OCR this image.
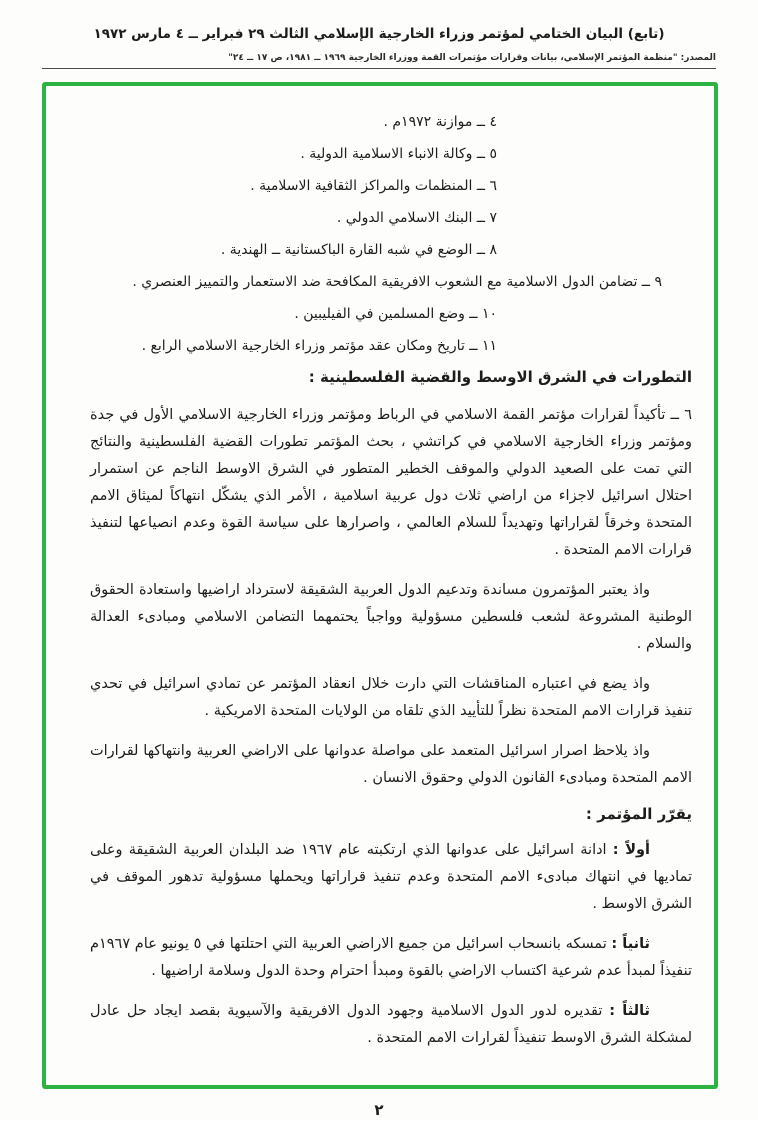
(تابع) البيان الختامي لمؤتمر وزراء الخارجية الإسلامي الثالث ٢٩ فبراير ــ ٤ مارس ١٩٧٢
المصدر: "منظمة المؤتمر الإسلامي، بيانات وقرارات مؤتمرات القمة ووزراء الخارجية ١٩٦٩ ــ ١٩٨١، ص ١٧ ــ ٢٤"
٤ ــ موازنة ١٩٧٢م .
٥ ــ وكالة الانباء الاسلامية الدولية .
٦ ــ المنظمات والمراكز الثقافية الاسلامية .
٧ ــ البنك الاسلامي الدولي .
٨ ــ الوضع في شبه القارة الباكستانية ــ الهندية .
٩ ــ تضامن الدول الاسلامية مع الشعوب الافريقية المكافحة ضد الاستعمار والتمييز العنصري .
١٠ ــ وضع المسلمين في الفيليبين .
١١ ــ تاريخ ومكان عقد مؤتمر وزراء الخارجية الاسلامي الرابع .
التطورات في الشرق الاوسط والقضية الفلسطينية :

٦ ــ تأكيداً لقرارات مؤتمر القمة الاسلامي في الرباط ومؤتمر وزراء الخارجية الاسلامي الأول في جدة ومؤتمر وزراء الخارجية الاسلامي في كراتشي ، بحث المؤتمر تطورات القضية الفلسطينية والنتائج التي تمت على الصعيد الدولي والموقف الخطير المتطور في الشرق الاوسط الناجم عن استمرار احتلال اسرائيل لاجزاء من اراضي ثلاث دول عربية اسلامية ، الأمر الذي يشكّل انتهاكاً لميثاق الامم المتحدة وخرقاً لقراراتها وتهديداً للسلام العالمي ، واصرارها على سياسة القوة وعدم انصياعها لتنفيذ قرارات الامم المتحدة .

واذ يعتبر المؤتمرون مساندة وتدعيم الدول العربية الشقيقة لاسترداد اراضيها واستعادة الحقوق الوطنية المشروعة لشعب فلسطين مسؤولية وواجباً يحتمهما التضامن الاسلامي ومبادىء العدالة والسلام .

واذ يضع في اعتباره المناقشات التي دارت خلال انعقاد المؤتمر عن تمادي اسرائيل في تحدي تنفيذ قرارات الامم المتحدة نظراً للتأييد الذي تلقاه من الولايات المتحدة الامريكية .

واذ يلاحظ اصرار اسرائيل المتعمد على مواصلة عدوانها على الاراضي العربية وانتهاكها لقرارات الامم المتحدة ومبادىء القانون الدولي وحقوق الانسان .

يقرّر المؤتمر :

أولاً : ادانة اسرائيل على عدوانها الذي ارتكبته عام ١٩٦٧ ضد البلدان العربية الشقيقة وعلى تماديها في انتهاك مبادىء الامم المتحدة وعدم تنفيذ قراراتها ويحملها مسؤولية تدهور الموقف في الشرق الاوسط .

ثانياً : تمسكه بانسحاب اسرائيل من جميع الاراضي العربية التي احتلتها في ٥ يونيو عام ١٩٦٧م تنفيذاً لمبدأ عدم شرعية اكتساب الاراضي بالقوة ومبدأ احترام وحدة الدول وسلامة اراضيها .

ثالثاً : تقديره لدور الدول الاسلامية وجهود الدول الافريقية والآسيوية بقصد ايجاد حل عادل لمشكلة الشرق الاوسط تنفيذاً لقرارات الامم المتحدة .

٢
